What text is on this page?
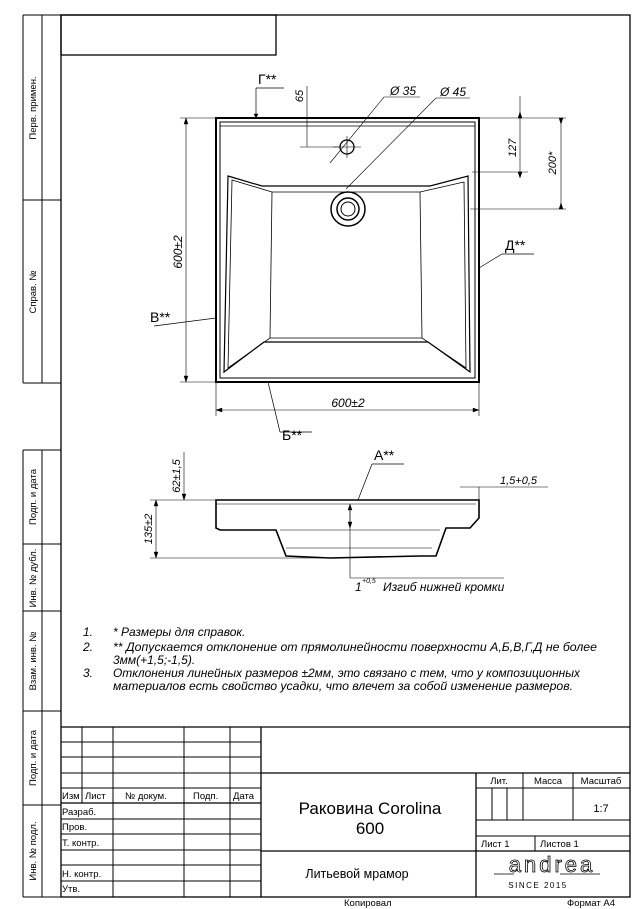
Перв. примен.
Справ. №
Подп. и дата
Инв. № дубл.
Взам. инв. №
Подп. и дата
Инв. № подл.
Г**
Д**
В**
Б**
65	Ø 35 Ø 45
127
200*
600±2
600±2
А**
62±1,5
135±2
1,5+0,5
1 +0,5 Изгиб нижней кромки
1. * Размеры для справок.
2. ** Допускается отклонение от прямолинейности поверхности А,Б,В,Г,Д не более
3мм(+1,5;-1,5).
3. Отклонения линейных размеров ±2мм, это связано с тем, что у композиционных
материалов есть свойство усадки, что влечет за собой изменение размеров.
Изм Лист № докум.	Подп. Дата
Разраб.
Пров.
Т. контр.
Н. контр.
Утв.
Раковина Corolina
600
Литьевой мрамор
Лит.	Масса Масштаб
1:7
Лист 1	Листов 1
andrea
SINCE 2015
Копировал	Формат А4
